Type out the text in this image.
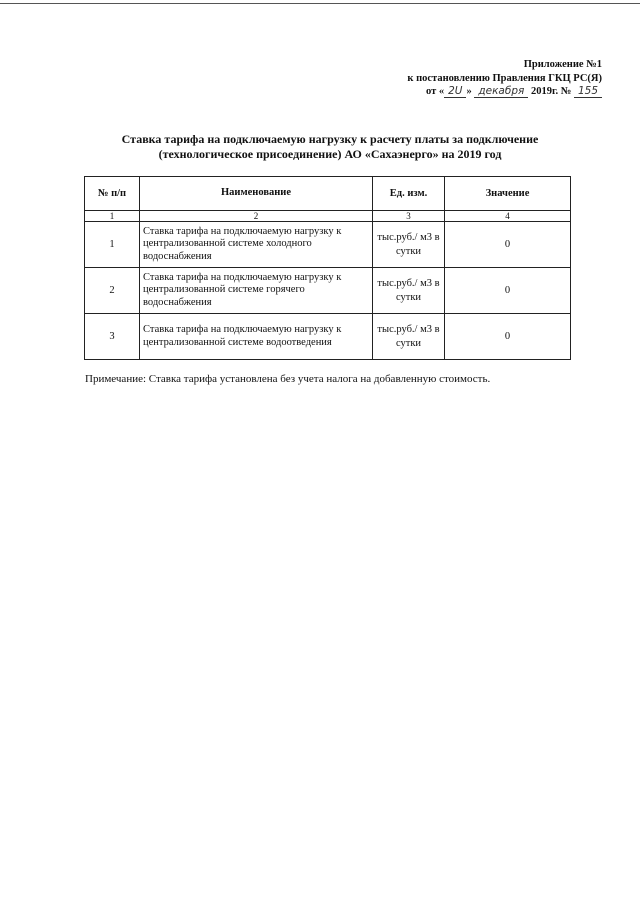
Приложение №1
к постановлению Правления ГКЦ РС(Я)
от « 2U » декабря 2019г. № 155
Ставка тарифа на подключаемую нагрузку к расчету платы за подключение
(технологическое присоединение) АО «Сахаэнерго» на 2019 год
№ п/п	Наименование	Ед. изм.	Значение
1	2	3	4
1	Ставка тарифа на подключаемую нагрузку к централизованной системе холодного водоснабжения	тыс.руб./ м3 в сутки	0
2	Ставка тарифа на подключаемую нагрузку к централизованной системе горячего водоснабжения	тыс.руб./ м3 в сутки	0
3	Ставка тарифа на подключаемую нагрузку к централизованной системе водоотведения	тыс.руб./ м3 в сутки	0
Примечание: Ставка тарифа установлена без учета налога на добавленную стоимость.
